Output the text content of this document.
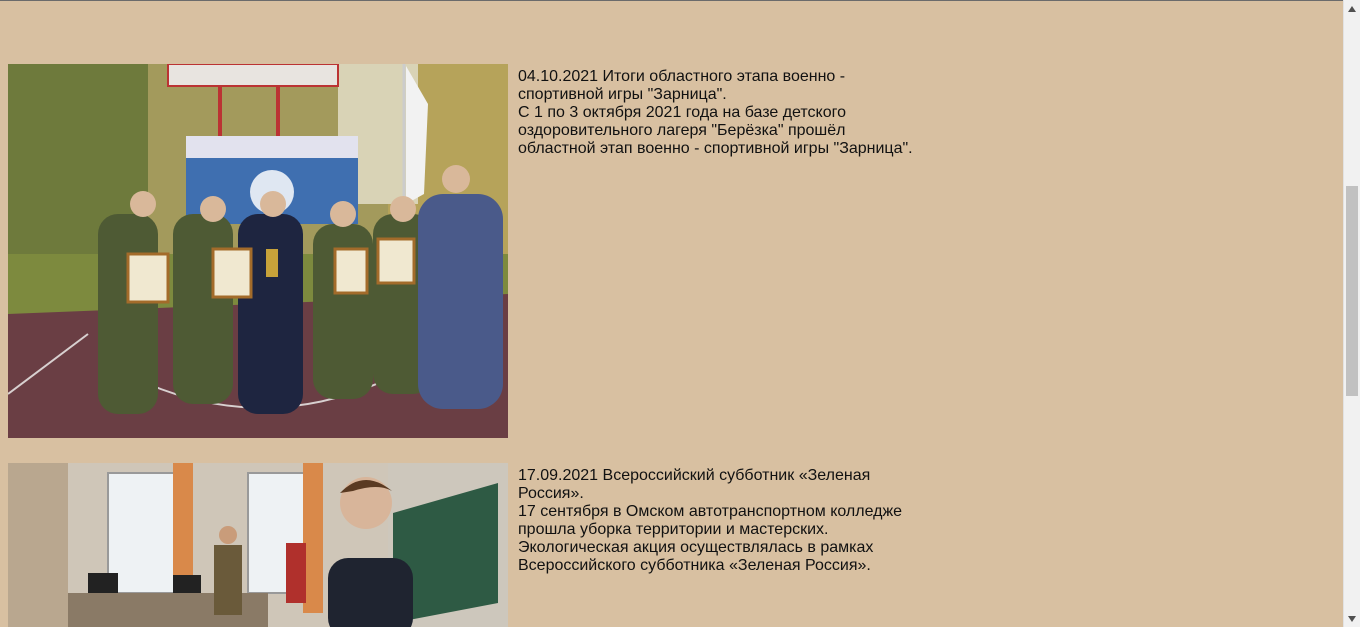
04.10.2021 Итоги областного этапа военно -
спортивной игры "Зарница".
С 1 по 3 октября 2021 года на базе детского
оздоровительного лагеря "Берёзка" прошёл
областной этап военно - спортивной игры "Зарница".
17.09.2021 Всероссийский субботник «Зеленая
Россия».
17 сентября в Омском автотранспортном колледже
прошла уборка территории и мастерских.
Экологическая акция осуществлялась в рамках
Всероссийского субботника «Зеленая Россия».
